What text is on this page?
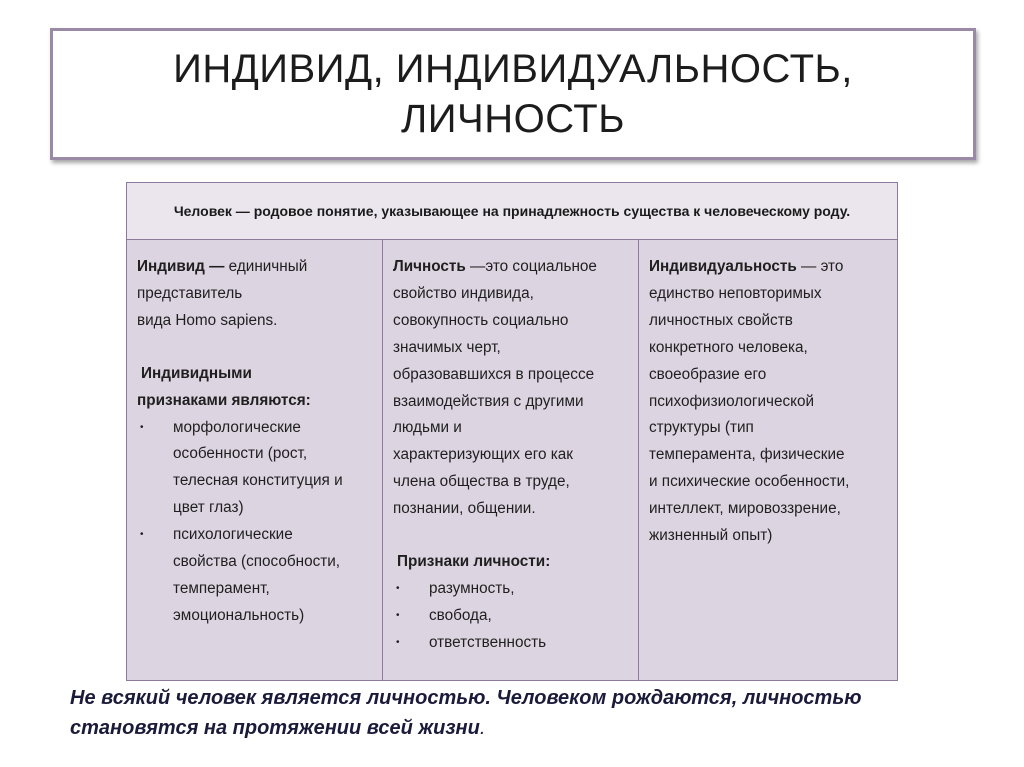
ИНДИВИД, ИНДИВИДУАЛЬНОСТЬ,
ЛИЧНОСТЬ
Человек — родовое понятие, указывающее на принадлежность существа к человеческому роду.
Индивид — единичный
представитель
вида Homo sapiens.
Индивидными

признаками являются:
• морфологические
особенности (рост,
телесная конституция и
цвет глаз)
• психологические
свойства (способности,
темперамент,
эмоциональность)
Личность —это социальное
свойство индивида,
совокупность социально
значимых черт,
образовавшихся в процессе
взаимодействия с другими
людьми и
характеризующих его как
члена общества в труде,
познании, общении.
Признаки личности:
• разумность,
• свобода,
• ответственность
Индивидуальность — это
единство неповторимых
личностных свойств
конкретного человека,
своеобразие его
психофизиологической
структуры (тип
темперамента, физические
и психические особенности,
интеллект, мировоззрение,
жизненный опыт)
Не всякий человек является личностью. Человеком рождаются, личностью
становятся на протяжении всей жизни.
